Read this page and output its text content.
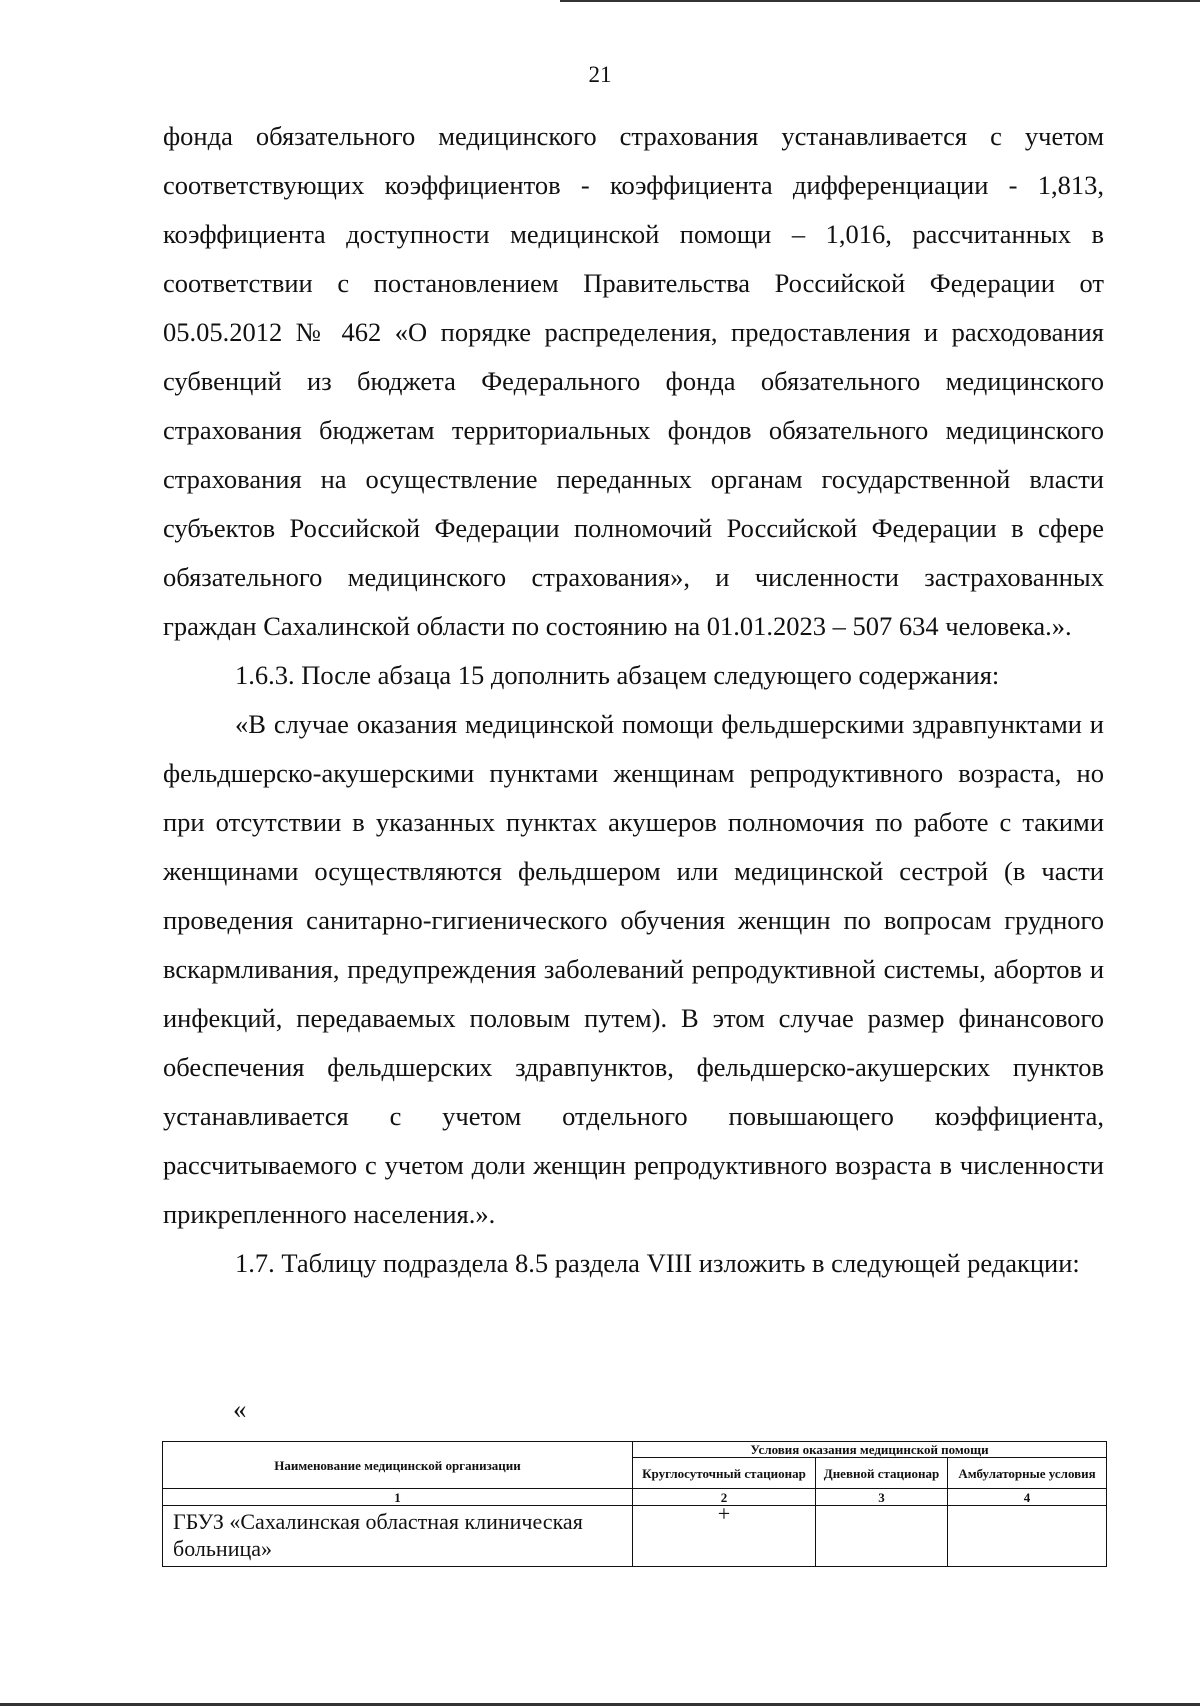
21

фонда обязательного медицинского страхования устанавливается с учетом соответствующих коэффициентов - коэффициента дифференциации - 1,813, коэффициента доступности медицинской помощи – 1,016, рассчитанных в соответствии с постановлением Правительства Российской Федерации от 05.05.2012 № 462 «О порядке распределения, предоставления и расходования субвенций из бюджета Федерального фонда обязательного медицинского страхования бюджетам территориальных фондов обязательного медицинского страхования на осуществление переданных органам государственной власти субъектов Российской Федерации полномочий Российской Федерации в сфере обязательного медицинского страхования», и численности застрахованных граждан Сахалинской области по состоянию на 01.01.2023 – 507 634 человека.».

1.6.3. После абзаца 15 дополнить абзацем следующего содержания:

«В случае оказания медицинской помощи фельдшерскими здравпунктами и фельдшерско-акушерскими пунктами женщинам репродуктивного возраста, но при отсутствии в указанных пунктах акушеров полномочия по работе с такими женщинами осуществляются фельдшером или медицинской сестрой (в части проведения санитарно-гигиенического обучения женщин по вопросам грудного вскармливания, предупреждения заболеваний репродуктивной системы, абортов и инфекций, передаваемых половым путем). В этом случае размер финансового обеспечения фельдшерских здравпунктов, фельдшерско-акушерских пунктов устанавливается с учетом отдельного повышающего коэффициента, рассчитываемого с учетом доли женщин репродуктивного возраста в численности прикрепленного населения.».

1.7. Таблицу подраздела 8.5 раздела VIII изложить в следующей редакции:

«
Наименование медицинской организации	Условия оказания медицинской помощи		
	Круглосуточный стационар	Дневной стационар	Амбулаторные условия
1	2	3	4
ГБУЗ «Сахалинская областная клиническая больница»	+		
